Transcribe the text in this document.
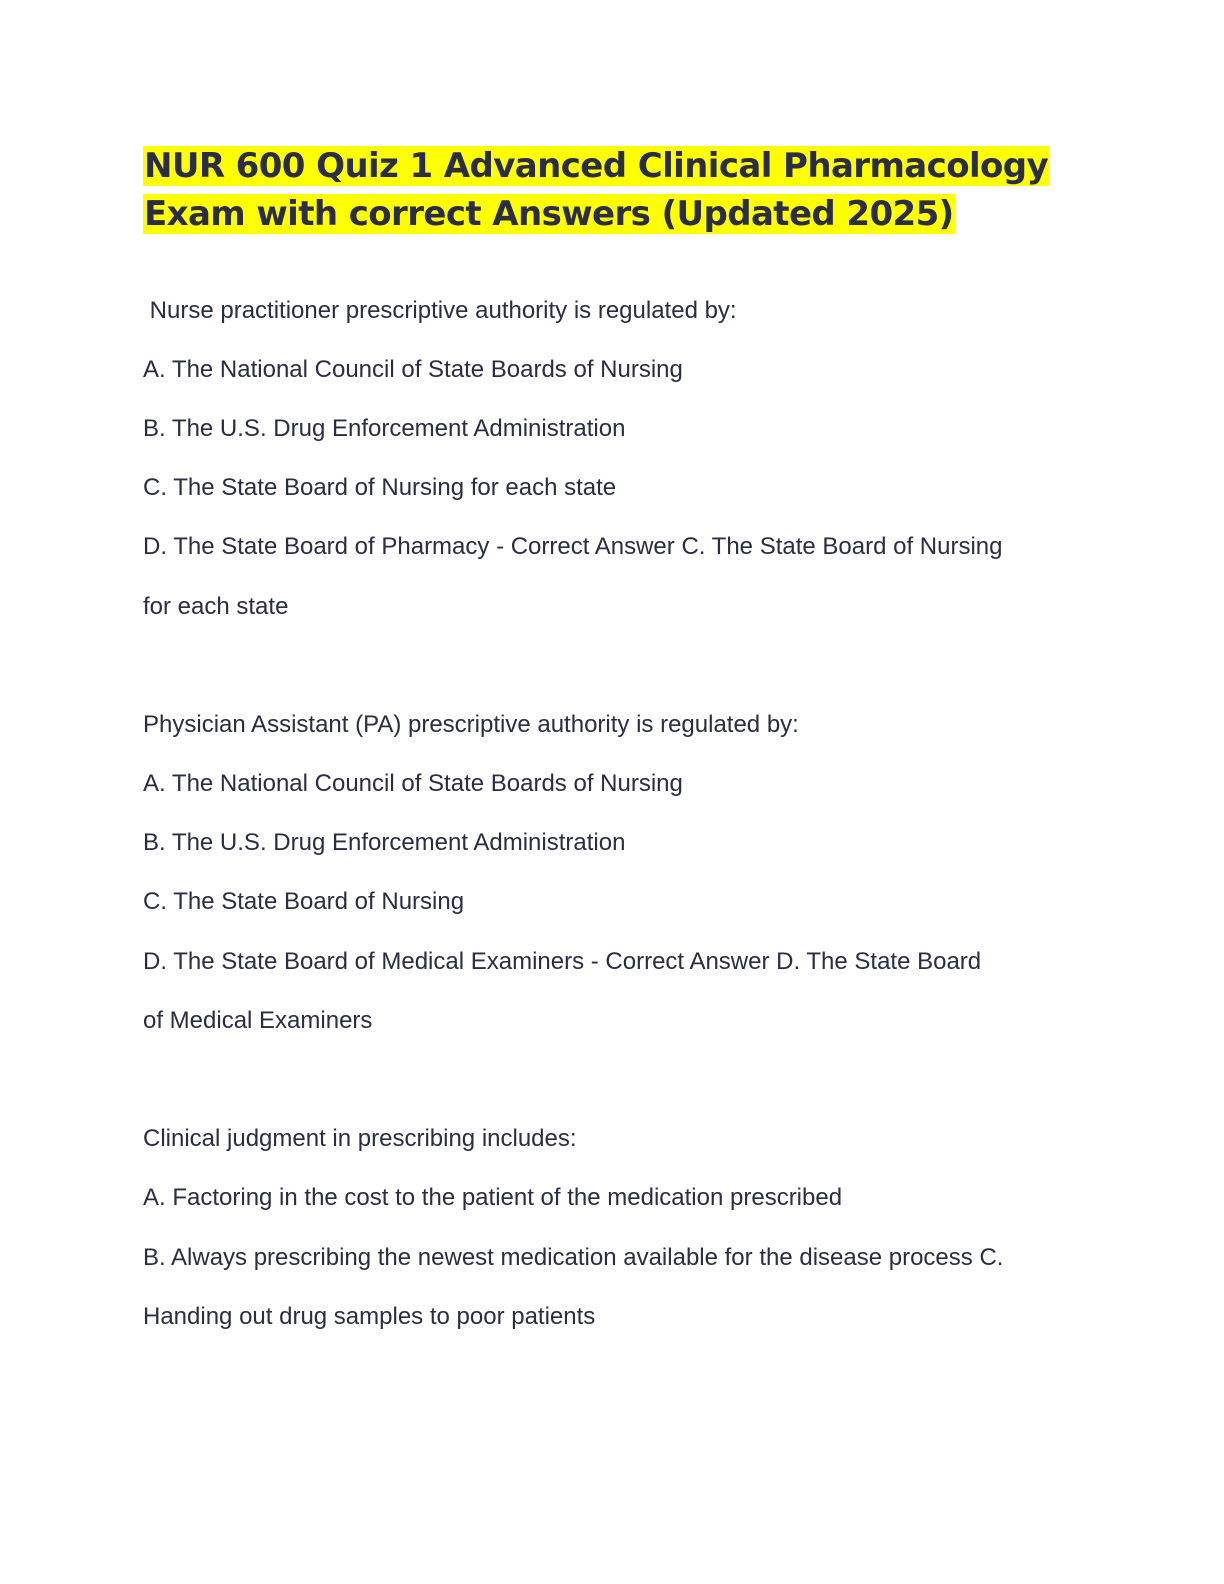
NUR 600 Quiz 1 Advanced Clinical Pharmacology
Exam with correct Answers (Updated 2025)
Nurse practitioner prescriptive authority is regulated by:
A. The National Council of State Boards of Nursing
B. The U.S. Drug Enforcement Administration
C. The State Board of Nursing for each state
D. The State Board of Pharmacy - Correct Answer C. The State Board of Nursing
for each state
Physician Assistant (PA) prescriptive authority is regulated by:
A. The National Council of State Boards of Nursing
B. The U.S. Drug Enforcement Administration
C. The State Board of Nursing
D. The State Board of Medical Examiners - Correct Answer D. The State Board
of Medical Examiners
Clinical judgment in prescribing includes:
A. Factoring in the cost to the patient of the medication prescribed
B. Always prescribing the newest medication available for the disease process C.
Handing out drug samples to poor patients
